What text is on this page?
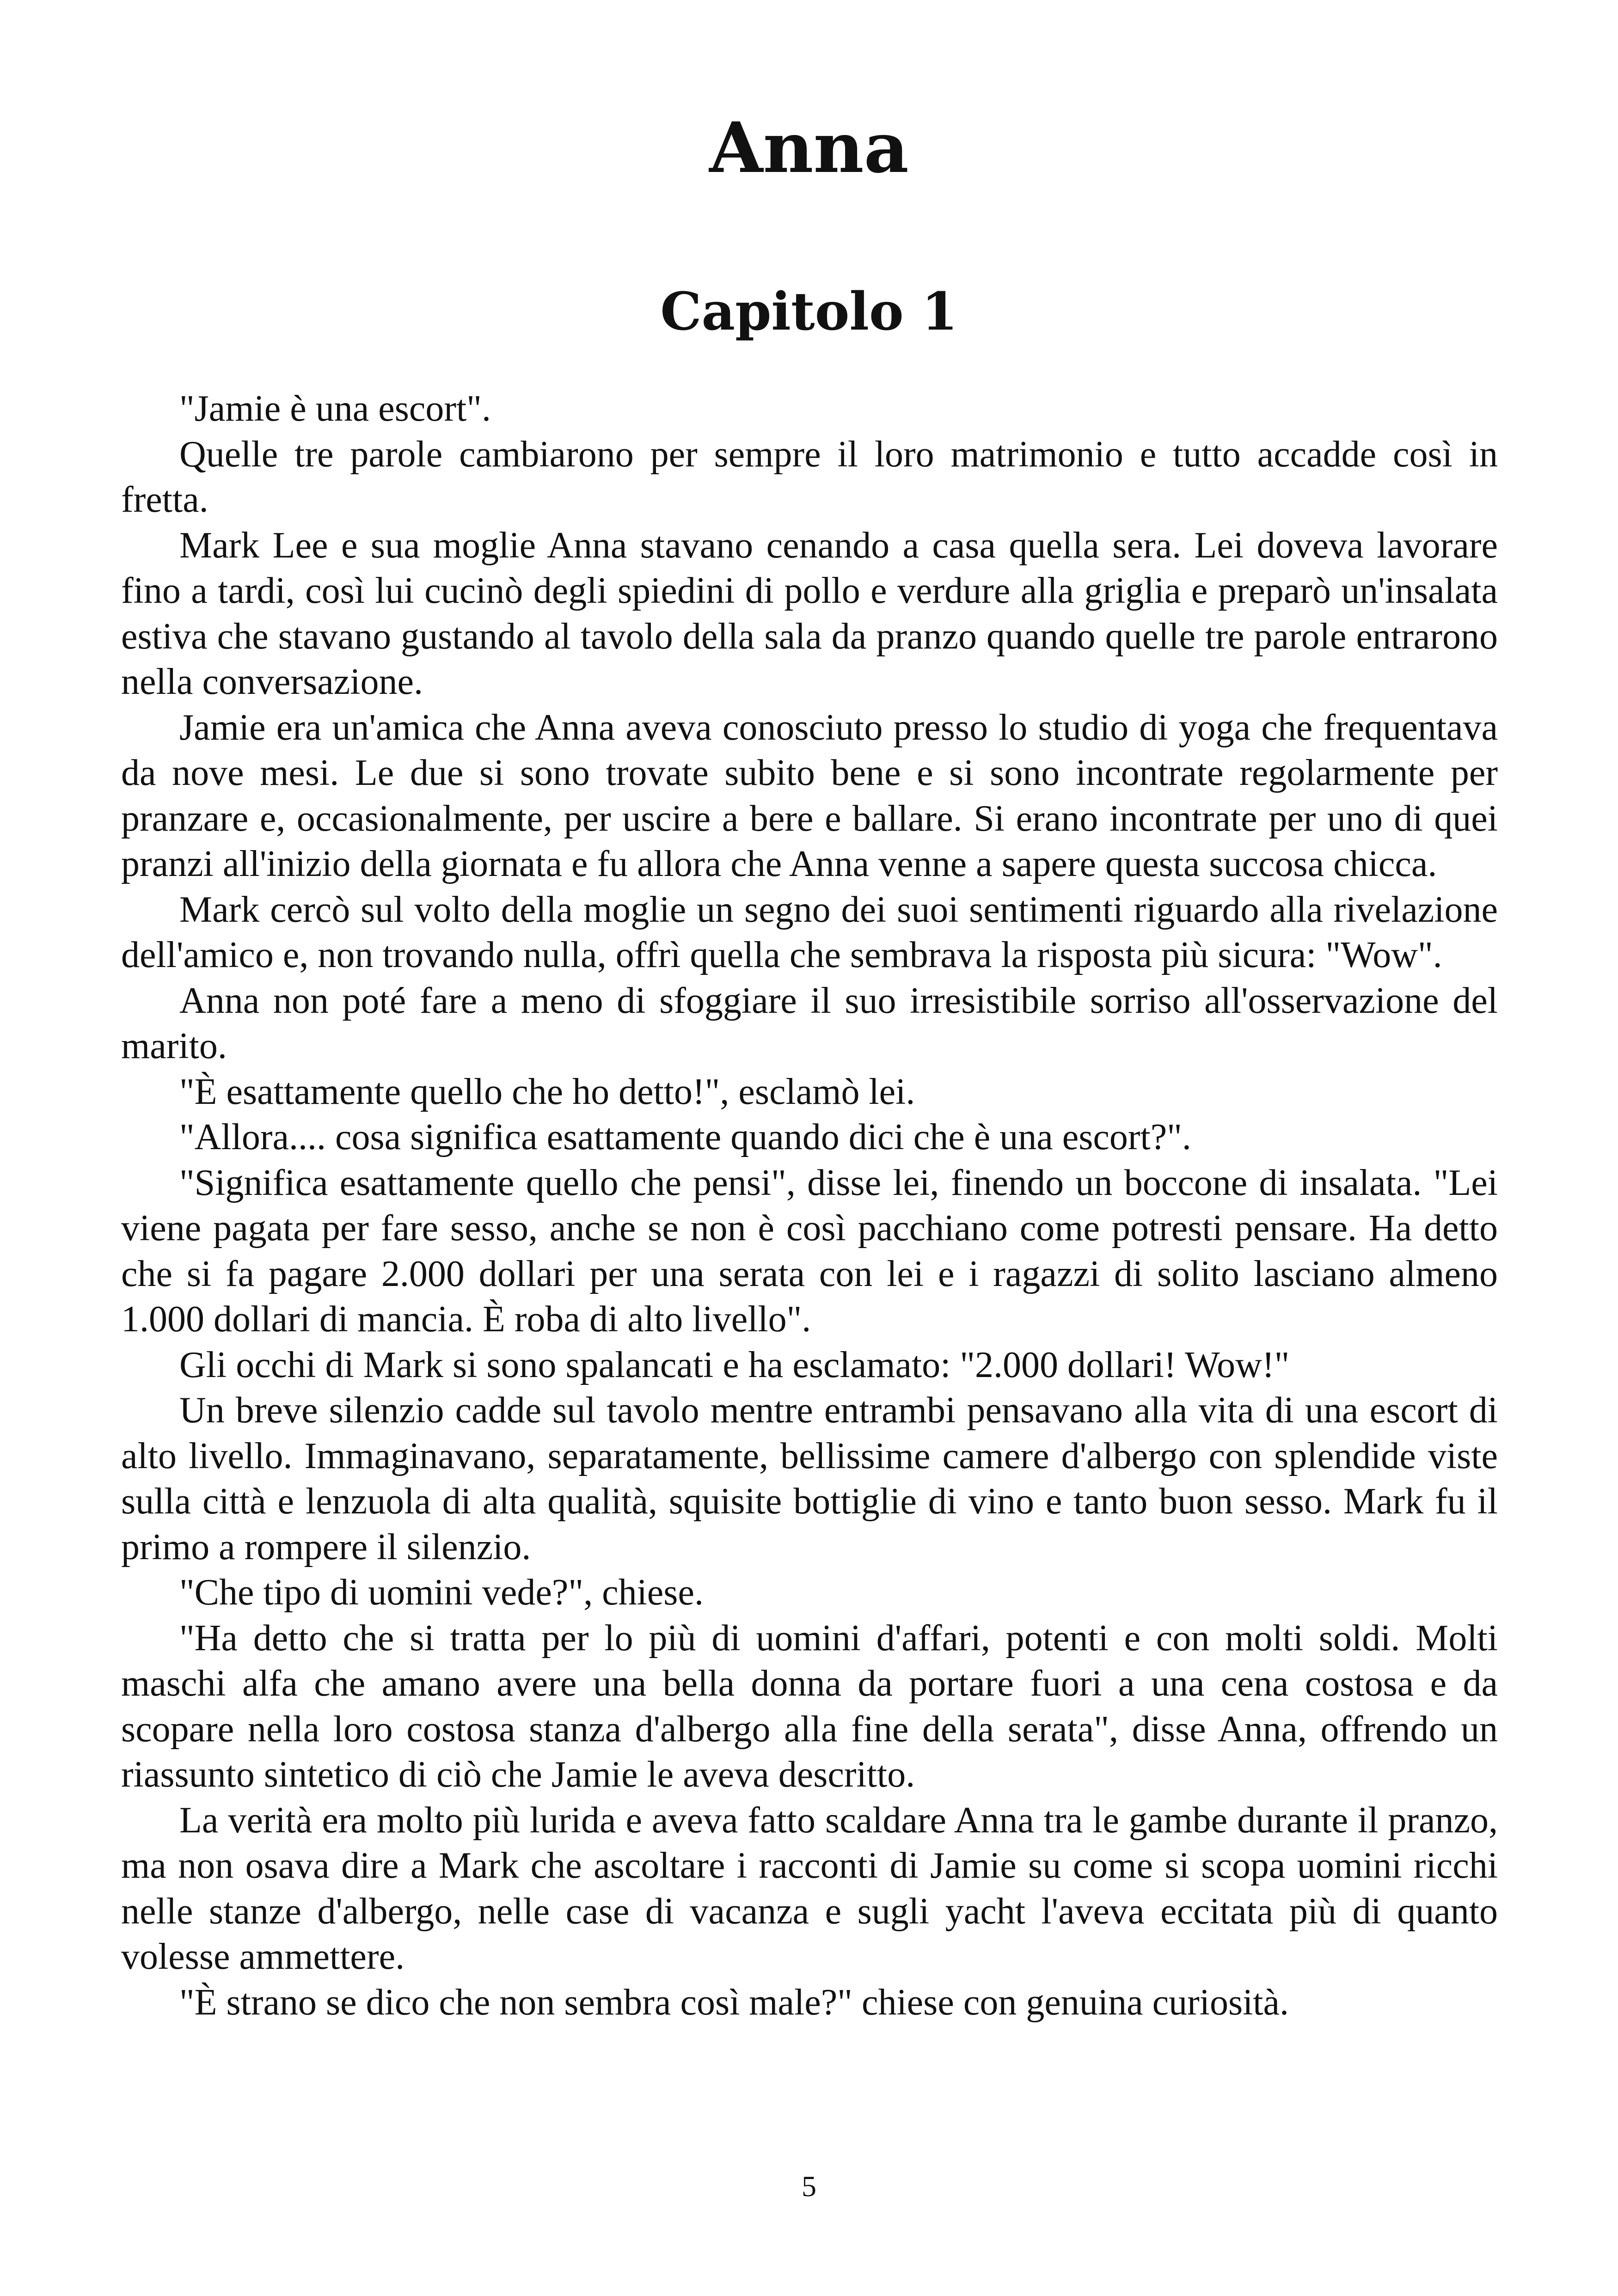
Anna
Capitolo 1

"Jamie è una escort".

Quelle tre parole cambiarono per sempre il loro matrimonio e tutto accadde così in fretta.

Mark Lee e sua moglie Anna stavano cenando a casa quella sera. Lei doveva lavorare fino a tardi, così lui cucinò degli spiedini di pollo e verdure alla griglia e preparò un'insalata estiva che stavano gustando al tavolo della sala da pranzo quando quelle tre parole entrarono nella conversazione.

Jamie era un'amica che Anna aveva conosciuto presso lo studio di yoga che frequentava da nove mesi. Le due si sono trovate subito bene e si sono incontrate regolarmente per pranzare e, occasionalmente, per uscire a bere e ballare. Si erano incontrate per uno di quei pranzi all'inizio della giornata e fu allora che Anna venne a sapere questa succosa chicca.

Mark cercò sul volto della moglie un segno dei suoi sentimenti riguardo alla rivelazione dell'amico e, non trovando nulla, offrì quella che sembrava la risposta più sicura: "Wow".

Anna non poté fare a meno di sfoggiare il suo irresistibile sorriso all'osservazione del marito.

"È esattamente quello che ho detto!", esclamò lei.

"Allora.... cosa significa esattamente quando dici che è una escort?".

"Significa esattamente quello che pensi", disse lei, finendo un boccone di insalata. "Lei viene pagata per fare sesso, anche se non è così pacchiano come potresti pensare. Ha detto che si fa pagare 2.000 dollari per una serata con lei e i ragazzi di solito lasciano almeno 1.000 dollari di mancia. È roba di alto livello".

Gli occhi di Mark si sono spalancati e ha esclamato: "2.000 dollari! Wow!"

Un breve silenzio cadde sul tavolo mentre entrambi pensavano alla vita di una escort di alto livello. Immaginavano, separatamente, bellissime camere d'albergo con splendide viste sulla città e lenzuola di alta qualità, squisite bottiglie di vino e tanto buon sesso. Mark fu il primo a rompere il silenzio.

"Che tipo di uomini vede?", chiese.

"Ha detto che si tratta per lo più di uomini d'affari, potenti e con molti soldi. Molti maschi alfa che amano avere una bella donna da portare fuori a una cena costosa e da scopare nella loro costosa stanza d'albergo alla fine della serata", disse Anna, offrendo un riassunto sintetico di ciò che Jamie le aveva descritto.

La verità era molto più lurida e aveva fatto scaldare Anna tra le gambe durante il pranzo, ma non osava dire a Mark che ascoltare i racconti di Jamie su come si scopa uomini ricchi nelle stanze d'albergo, nelle case di vacanza e sugli yacht l'aveva eccitata più di quanto volesse ammettere.

"È strano se dico che non sembra così male?" chiese con genuina curiosità.

5
